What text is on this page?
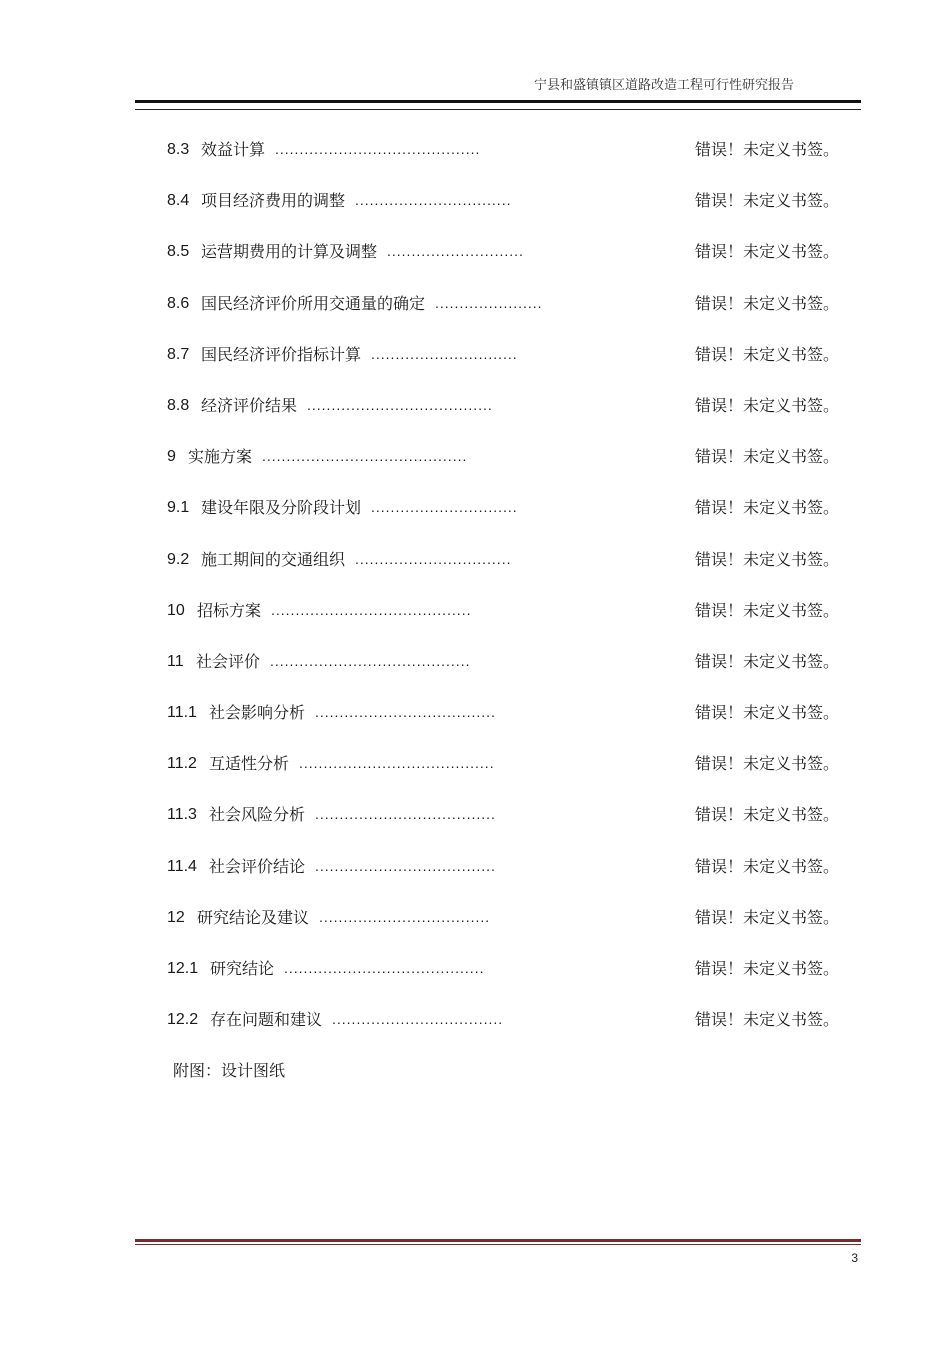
宁县和盛镇镇区道路改造工程可行性研究报告
8.3 效益计算 ..........................................	错误！未定义书签。
8.4 项目经济费用的调整 ................................	错误！未定义书签。
8.5 运营期费用的计算及调整 ............................	错误！未定义书签。
8.6 国民经济评价所用交通量的确定 ......................	错误！未定义书签。
8.7 国民经济评价指标计算 ..............................	错误！未定义书签。
8.8 经济评价结果 ......................................	错误！未定义书签。
9 实施方案 ..........................................	错误！未定义书签。
9.1 建设年限及分阶段计划 ..............................	错误！未定义书签。
9.2 施工期间的交通组织 ................................	错误！未定义书签。
10 招标方案 .........................................	错误！未定义书签。
11 社会评价 .........................................	错误！未定义书签。
11.1 社会影响分析 .....................................	错误！未定义书签。
11.2 互适性分析 ........................................	错误！未定义书签。
11.3 社会风险分析 .....................................	错误！未定义书签。
11.4 社会评价结论 .....................................	错误！未定义书签。
12 研究结论及建议 ...................................	错误！未定义书签。
12.1 研究结论 .........................................	错误！未定义书签。
12.2 存在问题和建议 ...................................	错误！未定义书签。
附图：设计图纸
3
